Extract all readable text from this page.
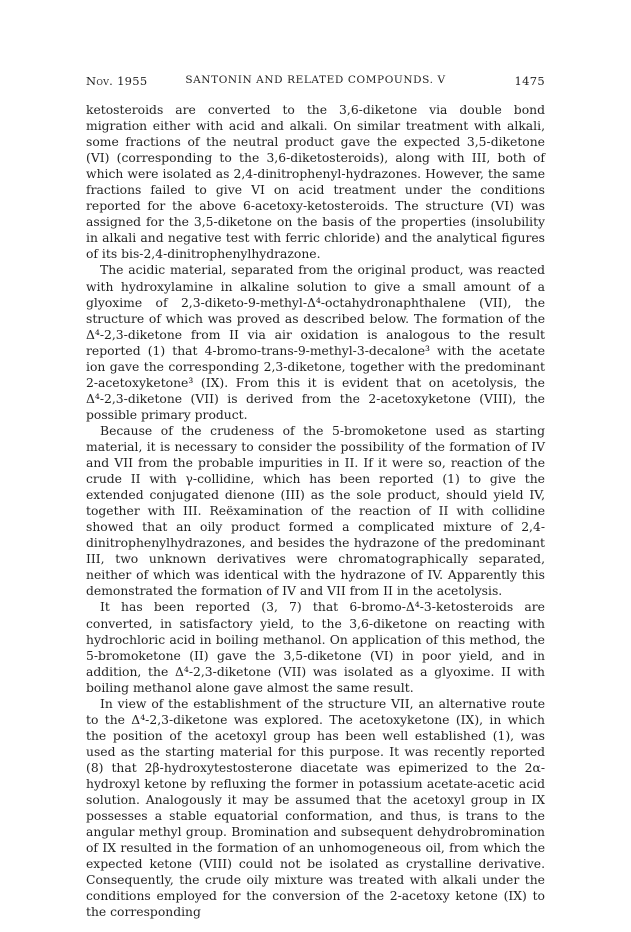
Nov. 1955	SANTONIN AND RELATED COMPOUNDS. V	1475

ketosteroids are converted to the 3,6-diketone via double bond migration either with acid and alkali. On similar treatment with alkali, some fractions of the neutral product gave the expected 3,5-diketone (VI) (corresponding to the 3,6-diketosteroids), along with III, both of which were isolated as 2,4-dinitrophenyl-hydrazones. However, the same fractions failed to give VI on acid treatment under the conditions reported for the above 6-acetoxy-ketosteroids. The structure (VI) was assigned for the 3,5-diketone on the basis of the properties (insolubility in alkali and negative test with ferric chloride) and the analytical figures of its bis-2,4-dinitrophenylhydrazone.

The acidic material, separated from the original product, was reacted with hydroxylamine in alkaline solution to give a small amount of a glyoxime of 2,3-diketo-9-methyl-Δ⁴-octahydronaphthalene (VII), the structure of which was proved as described below. The formation of the Δ⁴-2,3-diketone from II via air oxidation is analogous to the result reported (1) that 4-bromo-trans-9-methyl-3-decalone³ with the acetate ion gave the corresponding 2,3-diketone, together with the predominant 2-acetoxyketone³ (IX). From this it is evident that on acetolysis, the Δ⁴-2,3-diketone (VII) is derived from the 2-acetoxyketone (VIII), the possible primary product.

Because of the crudeness of the 5-bromoketone used as starting material, it is necessary to consider the possibility of the formation of IV and VII from the probable impurities in II. If it were so, reaction of the crude II with γ-collidine, which has been reported (1) to give the extended conjugated dienone (III) as the sole product, should yield IV, together with III. Reëxamination of the reaction of II with collidine showed that an oily product formed a complicated mixture of 2,4-dinitrophenylhydrazones, and besides the hydrazone of the predominant III, two unknown derivatives were chromatographically separated, neither of which was identical with the hydrazone of IV. Apparently this demonstrated the formation of IV and VII from II in the acetolysis.

It has been reported (3, 7) that 6-bromo-Δ⁴-3-ketosteroids are converted, in satisfactory yield, to the 3,6-diketone on reacting with hydrochloric acid in boiling methanol. On application of this method, the 5-bromoketone (II) gave the 3,5-diketone (VI) in poor yield, and in addition, the Δ⁴-2,3-diketone (VII) was isolated as a glyoxime. II with boiling methanol alone gave almost the same result.

In view of the establishment of the structure VII, an alternative route to the Δ⁴-2,3-diketone was explored. The acetoxyketone (IX), in which the position of the acetoxyl group has been well established (1), was used as the starting material for this purpose. It was recently reported (8) that 2β-hydroxytestosterone diacetate was epimerized to the 2α-hydroxyl ketone by refluxing the former in potassium acetate-acetic acid solution. Analogously it may be assumed that the acetoxyl group in IX possesses a stable equatorial conformation, and thus, is trans to the angular methyl group. Bromination and subsequent dehydrobromination of IX resulted in the formation of an unhomogeneous oil, from which the expected ketone (VIII) could not be isolated as crystalline derivative. Consequently, the crude oily mixture was treated with alkali under the conditions employed for the conversion of the 2-acetoxy ketone (IX) to the corresponding
